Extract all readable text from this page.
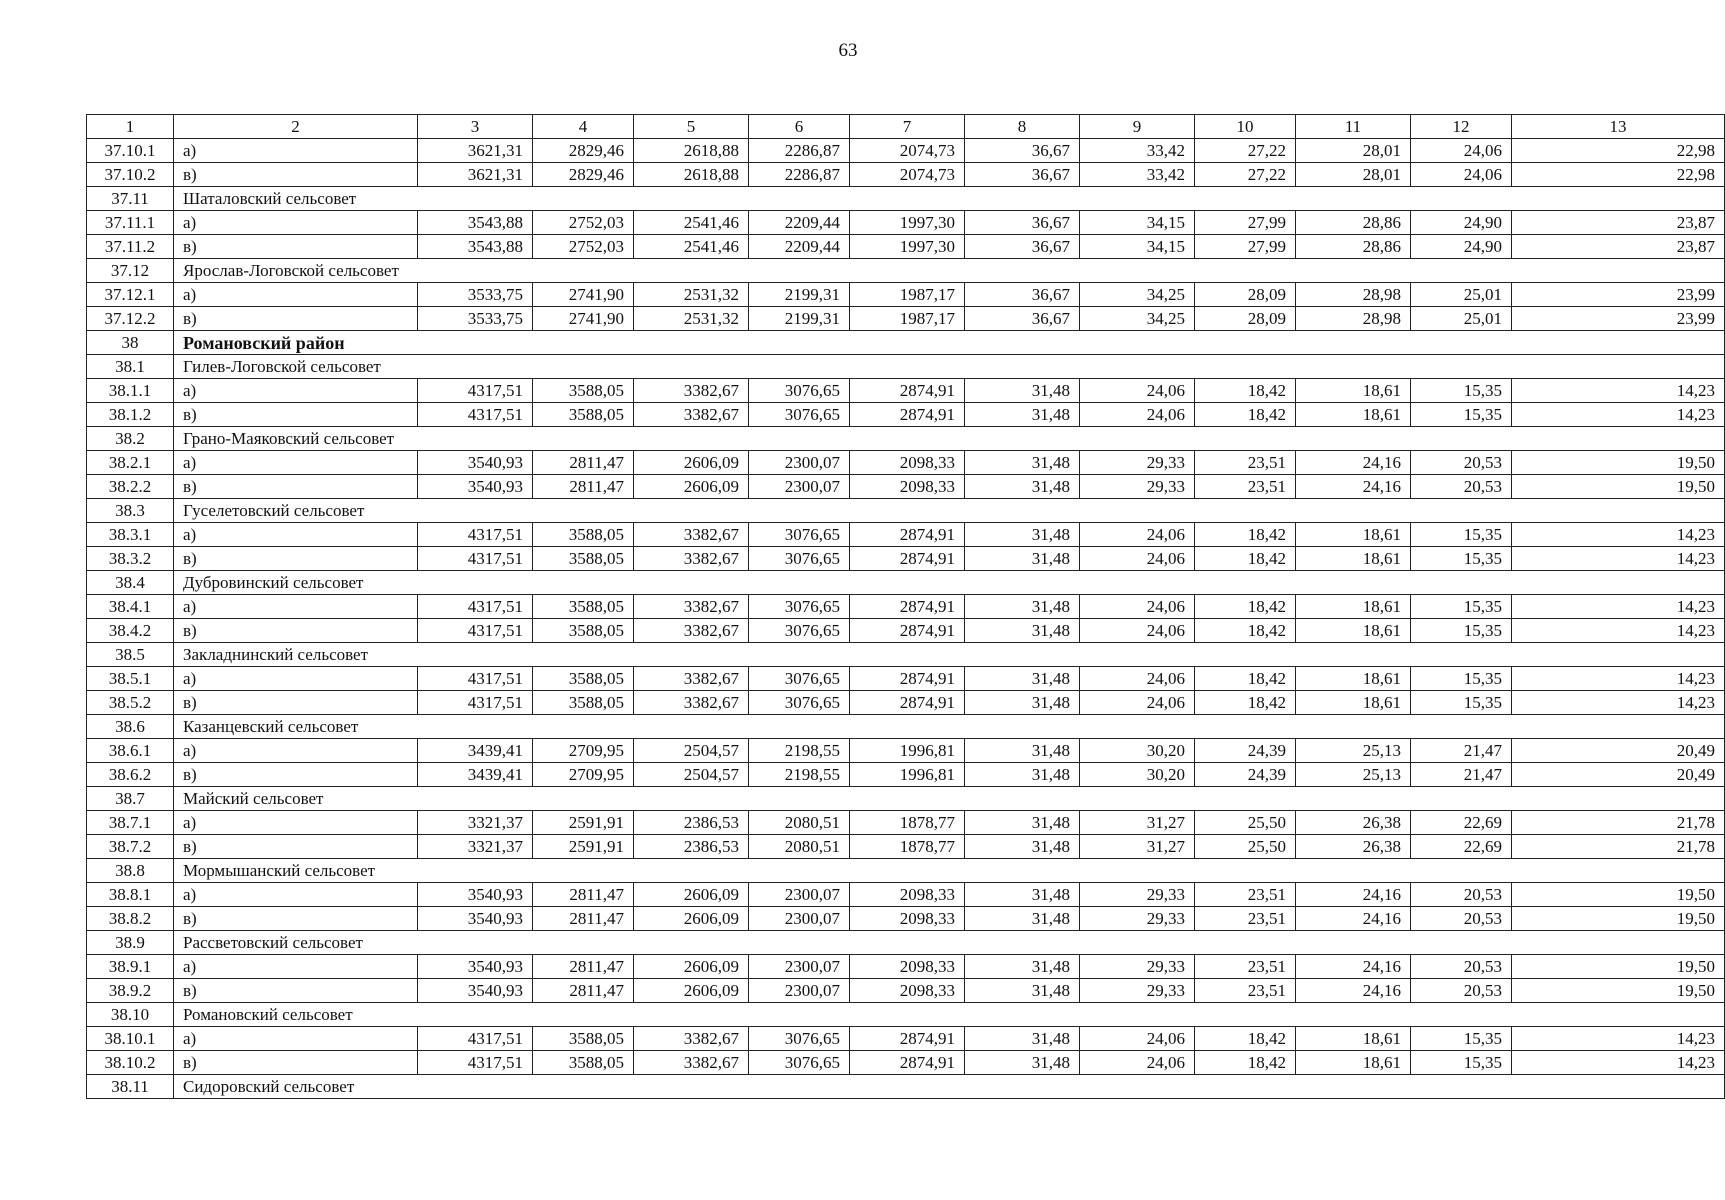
63
1	2	3	4	5	6	7	8	9	10	11	12	13
37.10.1	а)	3621,31	2829,46	2618,88	2286,87	2074,73	36,67	33,42	27,22	28,01	24,06	22,98
37.10.2	в)	3621,31	2829,46	2618,88	2286,87	2074,73	36,67	33,42	27,22	28,01	24,06	22,98
37.11	Шаталовский сельсовет											
37.11.1	а)	3543,88	2752,03	2541,46	2209,44	1997,30	36,67	34,15	27,99	28,86	24,90	23,87
37.11.2	в)	3543,88	2752,03	2541,46	2209,44	1997,30	36,67	34,15	27,99	28,86	24,90	23,87
37.12	Ярослав-Логовской сельсовет											
37.12.1	а)	3533,75	2741,90	2531,32	2199,31	1987,17	36,67	34,25	28,09	28,98	25,01	23,99
37.12.2	в)	3533,75	2741,90	2531,32	2199,31	1987,17	36,67	34,25	28,09	28,98	25,01	23,99
38	Романовский район											
38.1	Гилев-Логовской сельсовет											
38.1.1	а)	4317,51	3588,05	3382,67	3076,65	2874,91	31,48	24,06	18,42	18,61	15,35	14,23
38.1.2	в)	4317,51	3588,05	3382,67	3076,65	2874,91	31,48	24,06	18,42	18,61	15,35	14,23
38.2	Грано-Маяковский сельсовет											
38.2.1	а)	3540,93	2811,47	2606,09	2300,07	2098,33	31,48	29,33	23,51	24,16	20,53	19,50
38.2.2	в)	3540,93	2811,47	2606,09	2300,07	2098,33	31,48	29,33	23,51	24,16	20,53	19,50
38.3	Гуселетовский сельсовет											
38.3.1	а)	4317,51	3588,05	3382,67	3076,65	2874,91	31,48	24,06	18,42	18,61	15,35	14,23
38.3.2	в)	4317,51	3588,05	3382,67	3076,65	2874,91	31,48	24,06	18,42	18,61	15,35	14,23
38.4	Дубровинский сельсовет											
38.4.1	а)	4317,51	3588,05	3382,67	3076,65	2874,91	31,48	24,06	18,42	18,61	15,35	14,23
38.4.2	в)	4317,51	3588,05	3382,67	3076,65	2874,91	31,48	24,06	18,42	18,61	15,35	14,23
38.5	Закладнинский сельсовет											
38.5.1	а)	4317,51	3588,05	3382,67	3076,65	2874,91	31,48	24,06	18,42	18,61	15,35	14,23
38.5.2	в)	4317,51	3588,05	3382,67	3076,65	2874,91	31,48	24,06	18,42	18,61	15,35	14,23
38.6	Казанцевский сельсовет											
38.6.1	а)	3439,41	2709,95	2504,57	2198,55	1996,81	31,48	30,20	24,39	25,13	21,47	20,49
38.6.2	в)	3439,41	2709,95	2504,57	2198,55	1996,81	31,48	30,20	24,39	25,13	21,47	20,49
38.7	Майский сельсовет											
38.7.1	а)	3321,37	2591,91	2386,53	2080,51	1878,77	31,48	31,27	25,50	26,38	22,69	21,78
38.7.2	в)	3321,37	2591,91	2386,53	2080,51	1878,77	31,48	31,27	25,50	26,38	22,69	21,78
38.8	Мормышанский сельсовет											
38.8.1	а)	3540,93	2811,47	2606,09	2300,07	2098,33	31,48	29,33	23,51	24,16	20,53	19,50
38.8.2	в)	3540,93	2811,47	2606,09	2300,07	2098,33	31,48	29,33	23,51	24,16	20,53	19,50
38.9	Рассветовский сельсовет											
38.9.1	а)	3540,93	2811,47	2606,09	2300,07	2098,33	31,48	29,33	23,51	24,16	20,53	19,50
38.9.2	в)	3540,93	2811,47	2606,09	2300,07	2098,33	31,48	29,33	23,51	24,16	20,53	19,50
38.10	Романовский сельсовет											
38.10.1	а)	4317,51	3588,05	3382,67	3076,65	2874,91	31,48	24,06	18,42	18,61	15,35	14,23
38.10.2	в)	4317,51	3588,05	3382,67	3076,65	2874,91	31,48	24,06	18,42	18,61	15,35	14,23
38.11	Сидоровский сельсовет											
